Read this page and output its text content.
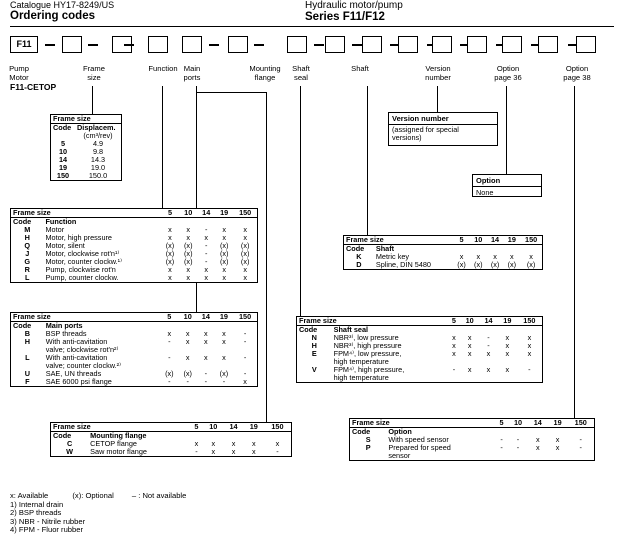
Catalogue HY17-8249/US
Ordering codes
Hydraulic motor/pump
Series F11/F12
F11
Pump
Motor
Frame
size
Function Main
ports
Mounting
flange
Shaft
seal
Shaft	Version
number
Option
page 36
Option
page 38
F11-CETOP
Frame size	
Code	Displacem.
	(cm³/rev)
5	4.9
10	9.8
14	14.3
19	19.0
150	150.0
Version number
(assigned for special
versions)
Option
None
Frame size		5	10	14	19	150
Code	Function					
M	Motor	x	x	-	x	x
H	Motor, high pressure	x	x	x	x	x
Q	Motor, silent	(x)	(x)	-	(x)	(x)
J	Motor, clockwise rot'n¹⁾	(x)	(x)	-	(x)	(x)
G	Motor, counter clockw.¹⁾	(x)	(x)	-	(x)	(x)
R	Pump, clockwise rot'n	x	x	x	x	x
L	Pump, counter clockw.	x	x	x	x	x
Frame size		5	10	14	19	150
Code	Shaft					
K	Metric key	x	x	x	x	x
D	Spline, DIN 5480	(x)	(x)	(x)	(x)	(x)
Frame size		5	10	14	19	150
Code	Main ports					
B	BSP threads	x	x	x	x	-
H	With anti-cavitation
valve; clockwise rot'n²⁾	-	x	x	x	-
L	With anti-cavitation
valve; counter clockw.²⁾	-	x	x	x	-
U	SAE, UN threads	(x)	(x)	-	(x)	-
F	SAE 6000 psi flange	-	-	-	-	x
Frame size		5	10	14	19	150
Code	Shaft seal					
N	NBR³⁾, low pressure	x	x	-	x	x
H	NBR³⁾, high pressure	x	x	-	x	x
E	FPM⁴⁾, low pressure,
high temperature	x	x	x	x	x
V	FPM⁴⁾, high pressure,
high temperature	-	x	x	x	-
Frame size		5	10	14	19	150
Code	Mounting flange					
C	CETOP flange	x	x	x	x	x
W	Saw motor flange	-	x	x	x	-
Frame size		5	10	14	19	150
Code	Option					
S	With speed sensor	-	-	x	x	-
P	Prepared for speed
sensor	-	-	x	x	-
x: Available	(x): Optional – : Not available
1) Internal drain
2) BSP threads
3) NBR - Nitrile rubber
4) FPM - Fluor rubber
